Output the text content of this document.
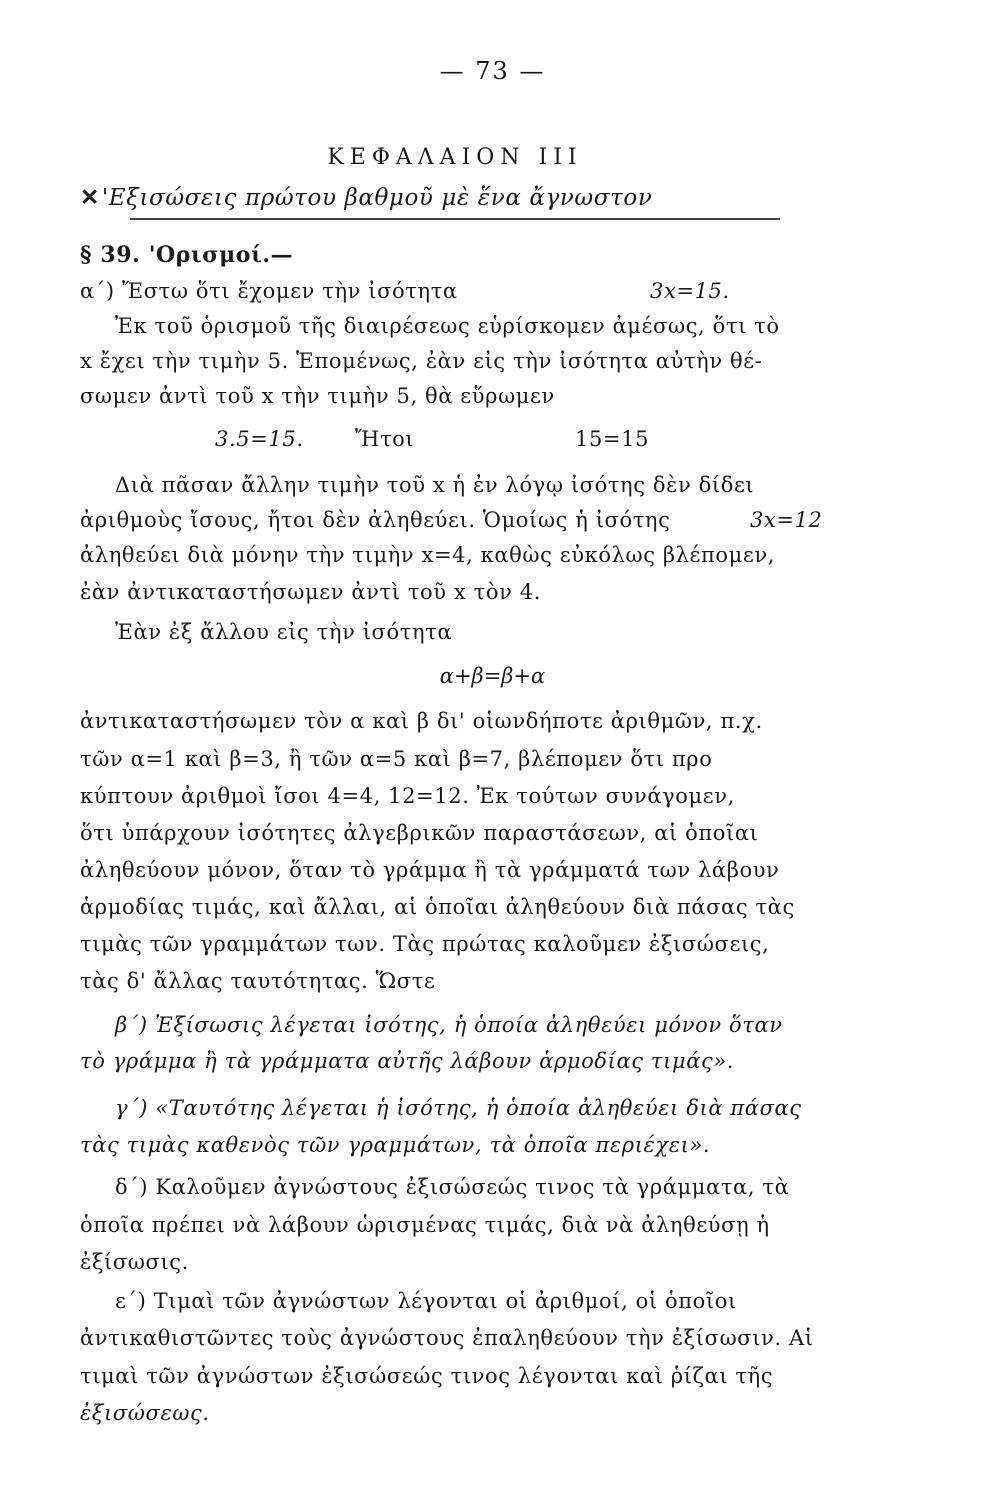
— 73 —
ΚΕΦΑΛΑΙΟΝ III
✕'Εξισώσεις πρώτου βαθμοῦ μὲ ἕνα ἄγνωστον
§ 39. 'Ορισμοί.—
α΄) Ἔστω ὅτι ἔχομεν τὴν ἰσότητα	3x=15.
Ἐκ τοῦ ὁρισμοῦ τῆς διαιρέσεως εὑρίσκομεν ἀμέσως, ὅτι τὸ
x ἔχει τὴν τιμὴν 5. Ἑπομένως, ἐὰν εἰς τὴν ἰσότητα αὐτὴν θέ-
σωμεν ἀντὶ τοῦ x τὴν τιμὴν 5, θὰ εὕρωμεν
3.5=15. Ἤτοι	15=15
Διὰ πᾶσαν ἄλλην τιμὴν τοῦ x ἡ ἐν λόγῳ ἰσότης δὲν δίδει
ἀριθμοὺς ἴσους, ἤτοι δὲν ἀληθεύει. Ὁμοίως ἡ ἰσότης	3x=12
ἀληθεύει διὰ μόνην τὴν τιμὴν x=4, καθὼς εὐκόλως βλέπομεν,
ἐὰν ἀντικαταστήσωμεν ἀντὶ τοῦ x τὸν 4.
Ἐὰν ἐξ ἄλλου εἰς τὴν ἰσότητα
α+β=β+α
ἀντικαταστήσωμεν τὸν α καὶ β δι' οἱωνδήποτε ἀριθμῶν, π.χ.
τῶν α=1 καὶ β=3, ἢ τῶν α=5 καὶ β=7, βλέπομεν ὅτι προ
κύπτουν ἀριθμοὶ ἴσοι 4=4, 12=12. Ἐκ τούτων συνάγομεν,
ὅτι ὑπάρχουν ἰσότητες ἀλγεβρικῶν παραστάσεων, αἱ ὁποῖαι
ἀληθεύουν μόνον, ὅταν τὸ γράμμα ἢ τὰ γράμματά των λάβουν
ἁρμοδίας τιμάς, καὶ ἄλλαι, αἱ ὁποῖαι ἀληθεύουν διὰ πάσας τὰς
τιμὰς τῶν γραμμάτων των. Τὰς πρώτας καλοῦμεν ἐξισώσεις,
τὰς δ' ἄλλας ταυτότητας. Ὥστε
β΄) Ἐξίσωσις λέγεται ἰσότης, ἡ ὁποία ἀληθεύει μόνον ὅταν
τὸ γράμμα ἢ τὰ γράμματα αὐτῆς λάβουν ἁρμοδίας τιμάς».
γ΄) «Ταυτότης λέγεται ἡ ἰσότης, ἡ ὁποία ἀληθεύει διὰ πάσας
τὰς τιμὰς καθενὸς τῶν γραμμάτων, τὰ ὁποῖα περιέχει».
δ΄) Καλοῦμεν ἀγνώστους ἐξισώσεώς τινος τὰ γράμματα, τὰ
ὁποῖα πρέπει νὰ λάβουν ὡρισμένας τιμάς, διὰ νὰ ἀληθεύσῃ ἡ
ἐξίσωσις.
ε΄) Τιμαὶ τῶν ἀγνώστων λέγονται οἱ ἀριθμοί, οἱ ὁποῖοι
ἀντικαθιστῶντες τοὺς ἀγνώστους ἐπαληθεύουν τὴν ἐξίσωσιν. Αἱ
τιμαὶ τῶν ἀγνώστων ἐξισώσεώς τινος λέγονται καὶ ῥίζαι τῆς
ἐξισώσεως.
